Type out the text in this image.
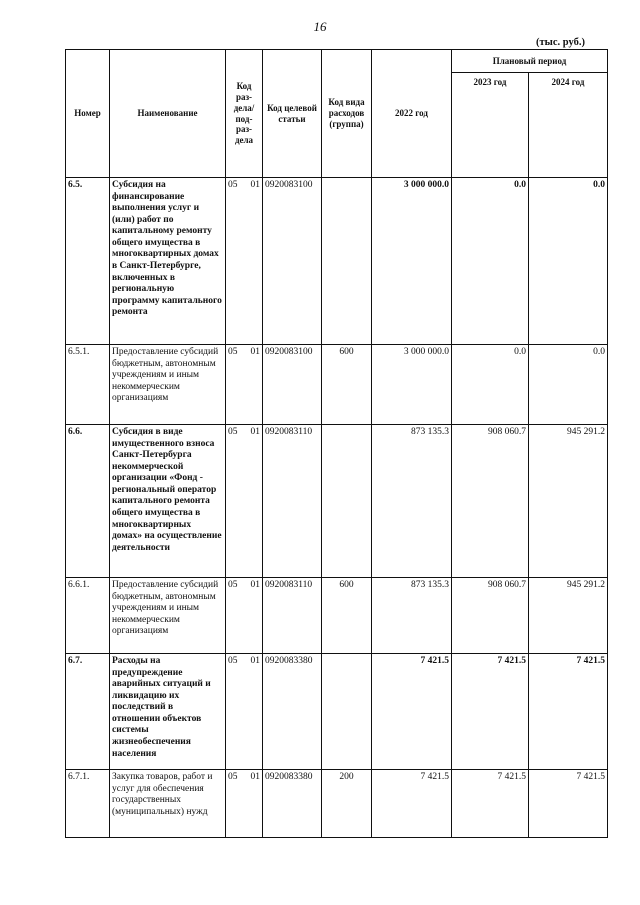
16
(тыс. руб.)
Номер	Наименование	Код раз-дела/ под-раз-дела	Код целевой статьи	Код вида расходов (группа)	2022 год	Плановый период	
						2023 год	2024 год
6.5.	Субсидия на финансирование выполнения услуг и (или) работ по капитальному ремонту общего имущества в многоквартирных домах в Санкт-Петербурге, включенных в региональную программу капитального ремонта	05 01	0920083100		3 000 000.0	0.0	0.0
6.5.1.	Предоставление субсидий бюджетным, автономным учреждениям и иным некоммерческим организациям	05 01	0920083100	600	3 000 000.0	0.0	0.0
6.6.	Субсидия в виде имущественного взноса Санкт-Петербурга некоммерческой организации «Фонд - региональный оператор капитального ремонта общего имущества в многоквартирных домах» на осуществление деятельности	05 01	0920083110		873 135.3	908 060.7	945 291.2
6.6.1.	Предоставление субсидий бюджетным, автономным учреждениям и иным некоммерческим организациям	05 01	0920083110	600	873 135.3	908 060.7	945 291.2
6.7.	Расходы на предупреждение аварийных ситуаций и ликвидацию их последствий в отношении объектов системы жизнеобеспечения населения	05 01	0920083380		7 421.5	7 421.5	7 421.5
6.7.1.	Закупка товаров, работ и услуг для обеспечения государственных (муниципальных) нужд	05 01	0920083380	200	7 421.5	7 421.5	7 421.5
